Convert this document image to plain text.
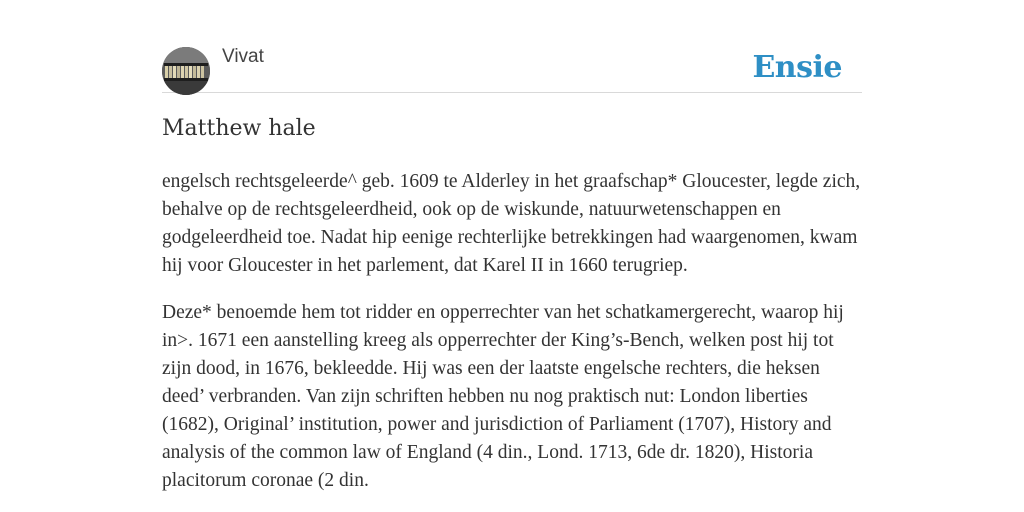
Vivat	Ensie
Matthew hale

engelsch rechtsgeleerde^ geb. 1609 te Alderley in het graafschap* Gloucester, legde zich, behalve op de rechtsgeleerdheid, ook op de wiskunde, natuurwetenschappen en godgeleerdheid toe. Nadat hip eenige rechterlijke betrekkingen had waargenomen, kwam hij voor Gloucester in het parlement, dat Karel II in 1660 terugriep.

Deze* benoemde hem tot ridder en opperrechter van het schatkamergerecht, waarop hij in>. 1671 een aanstelling kreeg als opperrechter der King’s-Bench, welken post hij tot zijn dood, in 1676, bekleedde. Hij was een der laatste engelsche rechters, die heksen deed’ verbranden. Van zijn schriften hebben nu nog praktisch nut: London liberties (1682), Original’ institution, power and jurisdiction of Parliament (1707), History and analysis of the common law of England (4 din., Lond. 1713, 6de dr. 1820), Historia placitorum coronae (2 din.
